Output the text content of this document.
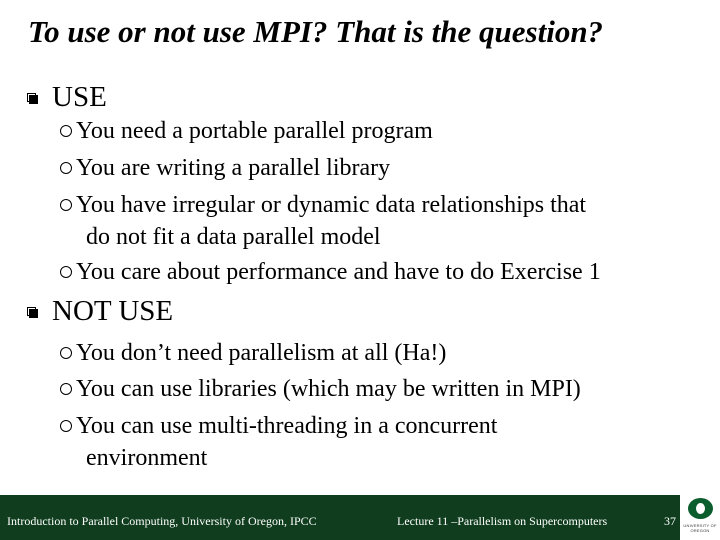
To use or not use MPI? That is the question?
USE
You need a portable parallel program
You are writing a parallel library
You have irregular or dynamic data relationships that
do not fit a data parallel model
You care about performance and have to do Exercise 1
NOT USE
You don’t need parallelism at all (Ha!)
You can use libraries (which may be written in MPI)
You can use multi-threading in a concurrent
environment
Introduction to Parallel Computing, University of Oregon, IPCC	Lecture 11 –Parallelism on Supercomputers	37 UNIVERSITY OF OREGON
